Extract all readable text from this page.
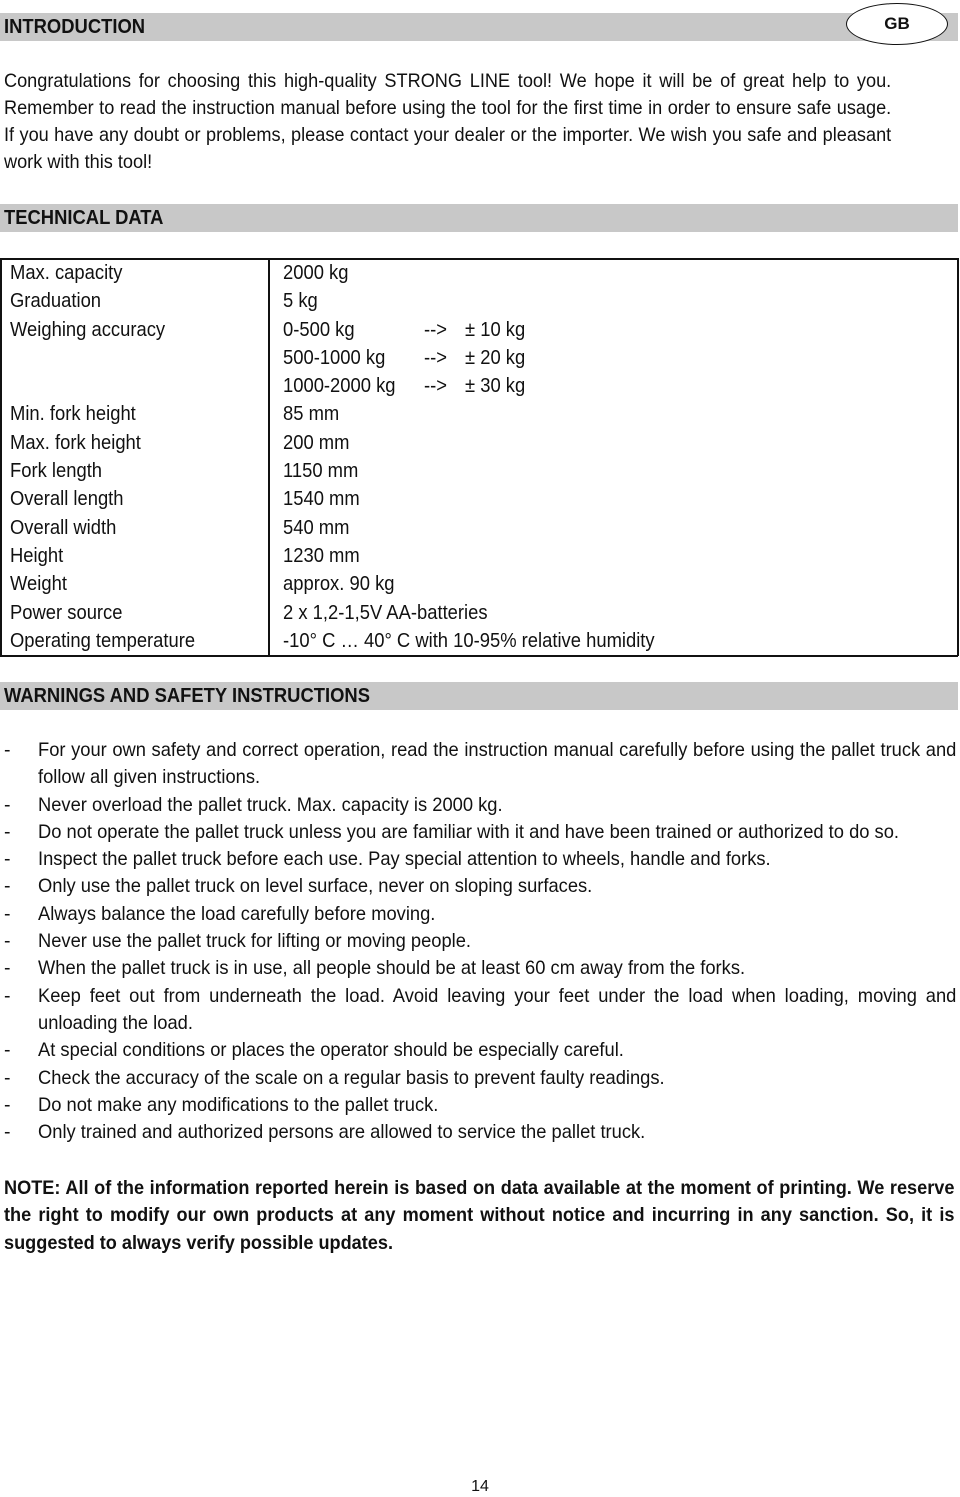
INTRODUCTION	GB
Congratulations for choosing this high-quality STRONG LINE tool! We hope it will be of great help to you. Remember to read the instruction manual before using the tool for the first time in order to ensure safe usage. If you have any doubt or problems, please contact your dealer or the importer. We wish you safe and pleasant work with this tool!
TECHNICAL DATA
Max. capacity	2000 kg
Graduation	5 kg
Weighing accuracy	0-500 kg	--> ± 10 kg
500-1000 kg --> ± 20 kg
1000-2000 kg --> ± 30 kg
Min. fork height	85 mm
Max. fork height	200 mm
Fork length	1150 mm
Overall length	1540 mm
Overall width	540 mm
Height	1230 mm
Weight	approx. 90 kg
Power source	2 x 1,2-1,5V AA-batteries
Operating temperature	-10° C … 40° C with 10-95% relative humidity
WARNINGS AND SAFETY INSTRUCTIONS
- For your own safety and correct operation, read the instruction manual carefully before using the pallet truck and follow all given instructions.
- Never overload the pallet truck. Max. capacity is 2000 kg.
- Do not operate the pallet truck unless you are familiar with it and have been trained or authorized to do so.
- Inspect the pallet truck before each use. Pay special attention to wheels, handle and forks.
- Only use the pallet truck on level surface, never on sloping surfaces.
- Always balance the load carefully before moving.
- Never use the pallet truck for lifting or moving people.
- When the pallet truck is in use, all people should be at least 60 cm away from the forks.
- Keep feet out from underneath the load. Avoid leaving your feet under the load when loading, moving and unloading the load.
- At special conditions or places the operator should be especially careful.
- Check the accuracy of the scale on a regular basis to prevent faulty readings.
- Do not make any modifications to the pallet truck.
- Only trained and authorized persons are allowed to service the pallet truck.
NOTE: All of the information reported herein is based on data available at the moment of printing. We reserve the right to modify our own products at any moment without notice and incurring in any sanction. So, it is suggested to always verify possible updates.
14
